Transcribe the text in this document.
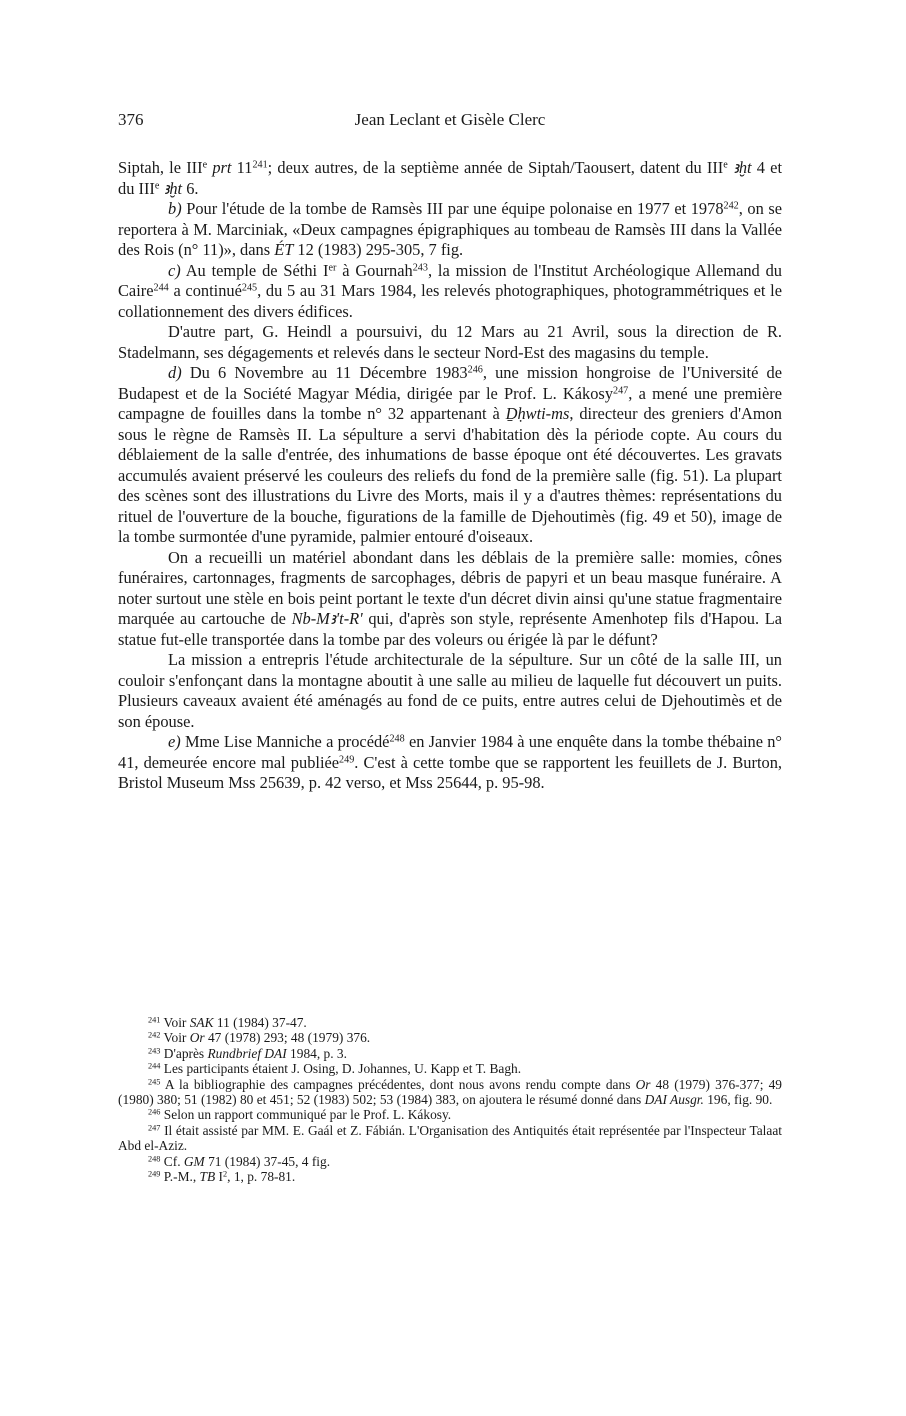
376	Jean Leclant et Gisèle Clerc

Siptah, le IIIe prt $11^{241}$; deux autres, de la septième année de Siptah/Taousert, datent du IIIe ꜣḫt 4 et du IIIe ꜣḫt 6.

b) Pour l'étude de la tombe de Ramsès III par une équipe polonaise en 1977 et 1978$^{242}$, on se reportera à M. Marciniak, «Deux campagnes épigraphiques au tombeau de Ramsès III dans la Vallée des Rois (n° 11)», dans ÉT 12 (1983) 295-305, 7 fig.

c) Au temple de Séthi Ier à Gournah$^{243}$, la mission de l'Institut Archéologique Allemand du Caire$^{244}$ a continué$^{245}$, du 5 au 31 Mars 1984, les relevés photographiques, photogrammétriques et le collationnement des divers édifices.

D'autre part, G. Heindl a poursuivi, du 12 Mars au 21 Avril, sous la direction de R. Stadelmann, ses dégagements et relevés dans le secteur Nord-Est des magasins du temple.

d) Du 6 Novembre au 11 Décembre 1983$^{246}$, une mission hongroise de l'Université de Budapest et de la Société Magyar Média, dirigée par le Prof. L. Kákosy$^{247}$, a mené une première campagne de fouilles dans la tombe n° 32 appartenant à Ḏḥwti-ms, directeur des greniers d'Amon sous le règne de Ramsès II. La sépulture a servi d'habitation dès la période copte. Au cours du déblaiement de la salle d'entrée, des inhumations de basse époque ont été découvertes. Les gravats accumulés avaient préservé les couleurs des reliefs du fond de la première salle (fig. 51). La plupart des scènes sont des illustrations du Livre des Morts, mais il y a d'autres thèmes: représentations du rituel de l'ouverture de la bouche, figurations de la famille de Djehoutimès (fig. 49 et 50), image de la tombe surmontée d'une pyramide, palmier entouré d'oiseaux.

On a recueilli un matériel abondant dans les déblais de la première salle: momies, cônes funéraires, cartonnages, fragments de sarcophages, débris de papyri et un beau masque funéraire. A noter surtout une stèle en bois peint portant le texte d'un décret divin ainsi qu'une statue fragmentaire marquée au cartouche de Nb-Mꜣ't-R' qui, d'après son style, représente Amenhotep fils d'Hapou. La statue fut-elle transportée dans la tombe par des voleurs ou érigée là par le défunt?

La mission a entrepris l'étude architecturale de la sépulture. Sur un côté de la salle III, un couloir s'enfonçant dans la montagne aboutit à une salle au milieu de laquelle fut découvert un puits. Plusieurs caveaux avaient été aménagés au fond de ce puits, entre autres celui de Djehoutimès et de son épouse.

e) Mme Lise Manniche a procédé$^{248}$ en Janvier 1984 à une enquête dans la tombe thébaine n° 41, demeurée encore mal publiée$^{249}$. C'est à cette tombe que se rapportent les feuillets de J. Burton, Bristol Museum Mss 25639, p. 42 verso, et Mss 25644, p. 95-98.

$^{241}$ Voir SAK 11 (1984) 37-47.

$^{242}$ Voir Or 47 (1978) 293; 48 (1979) 376.

$^{243}$ D'après Rundbrief DAI 1984, p. 3.

$^{244}$ Les participants étaient J. Osing, D. Johannes, U. Kapp et T. Bagh.

$^{245}$ A la bibliographie des campagnes précédentes, dont nous avons rendu compte dans Or 48 (1979) 376-377; 49 (1980) 380; 51 (1982) 80 et 451; 52 (1983) 502; 53 (1984) 383, on ajoutera le résumé donné dans DAI Ausgr. 196, fig. 90.

$^{246}$ Selon un rapport communiqué par le Prof. L. Kákosy.

$^{247}$ Il était assisté par MM. E. Gaál et Z. Fábián. L'Organisation des Antiquités était représentée par l'Inspecteur Talaat Abd el-Aziz.

$^{248}$ Cf. GM 71 (1984) 37-45, 4 fig.

$^{249}$ P.-M., TB $I^2$, 1, p. 78-81.
